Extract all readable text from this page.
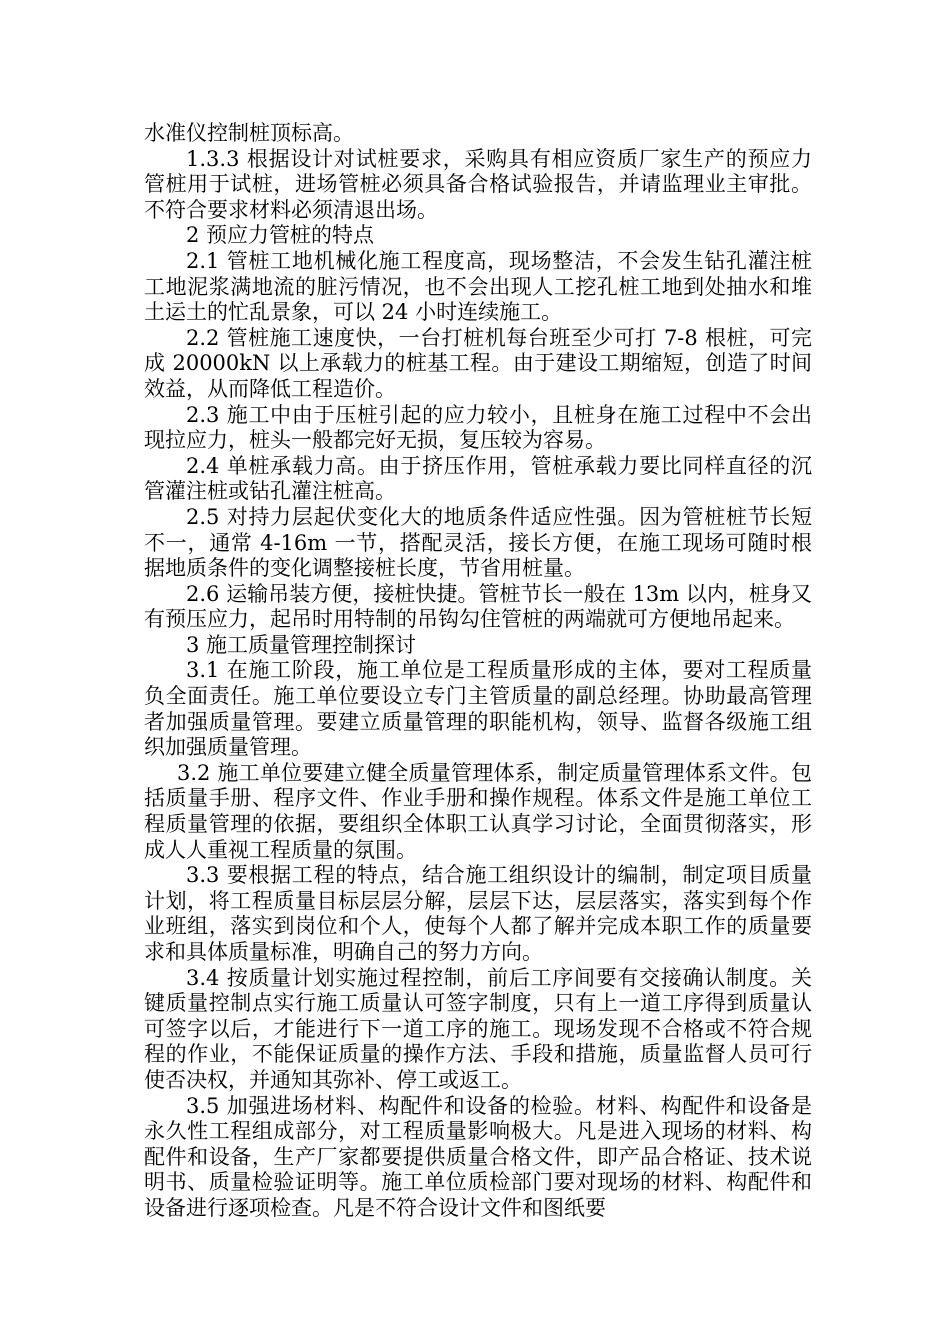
水准仪控制桩顶标高。

1.3.3 根据设计对试桩要求，采购具有相应资质厂家生产的预应力管桩用于试桩，进场管桩必须具备合格试验报告，并请监理业主审批。不符合要求材料必须清退出场。

2 预应力管桩的特点

2.1 管桩工地机械化施工程度高，现场整洁，不会发生钻孔灌注桩工地泥浆满地流的脏污情况，也不会出现人工挖孔桩工地到处抽水和堆土运土的忙乱景象，可以 24 小时连续施工。

2.2 管桩施工速度快，一台打桩机每台班至少可打 7-8 根桩，可完成 20000kN 以上承载力的桩基工程。由于建设工期缩短，创造了时间效益，从而降低工程造价。

2.3 施工中由于压桩引起的应力较小，且桩身在施工过程中不会出现拉应力，桩头一般都完好无损，复压较为容易。

2.4 单桩承载力高。由于挤压作用，管桩承载力要比同样直径的沉管灌注桩或钻孔灌注桩高。

2.5 对持力层起伏变化大的地质条件适应性强。因为管桩桩节长短不一，通常 4-16m 一节，搭配灵活，接长方便，在施工现场可随时根据地质条件的变化调整接桩长度，节省用桩量。

2.6 运输吊装方便，接桩快捷。管桩节长一般在 13m 以内，桩身又有预压应力，起吊时用特制的吊钩勾住管桩的两端就可方便地吊起来。

3 施工质量管理控制探讨

3.1 在施工阶段，施工单位是工程质量形成的主体，要对工程质量负全面责任。施工单位要设立专门主管质量的副总经理。协助最高管理者加强质量管理。要建立质量管理的职能机构，领导、监督各级施工组织加强质量管理。

3.2 施工单位要建立健全质量管理体系，制定质量管理体系文件。包括质量手册、程序文件、作业手册和操作规程。体系文件是施工单位工程质量管理的依据，要组织全体职工认真学习讨论，全面贯彻落实，形成人人重视工程质量的氛围。

3.3 要根据工程的特点，结合施工组织设计的编制，制定项目质量计划，将工程质量目标层层分解，层层下达，层层落实，落实到每个作业班组，落实到岗位和个人，使每个人都了解并完成本职工作的质量要求和具体质量标准，明确自己的努力方向。

3.4 按质量计划实施过程控制，前后工序间要有交接确认制度。关键质量控制点实行施工质量认可签字制度，只有上一道工序得到质量认可签字以后，才能进行下一道工序的施工。现场发现不合格或不符合规程的作业，不能保证质量的操作方法、手段和措施，质量监督人员可行使否决权，并通知其弥补、停工或返工。

3.5 加强进场材料、构配件和设备的检验。材料、构配件和设备是永久性工程组成部分，对工程质量影响极大。凡是进入现场的材料、构配件和设备，生产厂家都要提供质量合格文件，即产品合格证、技术说明书、质量检验证明等。施工单位质检部门要对现场的材料、构配件和设备进行逐项检查。凡是不符合设计文件和图纸要
